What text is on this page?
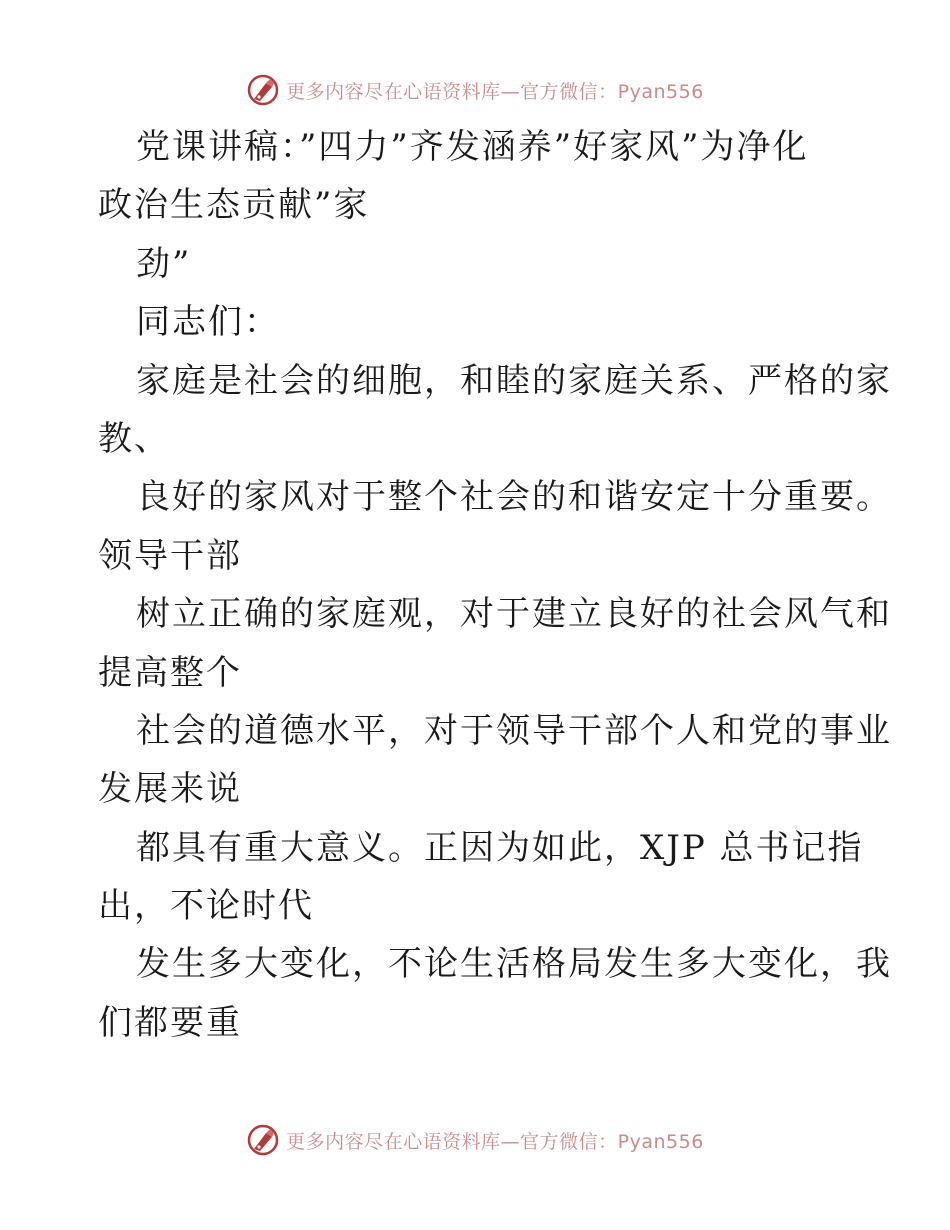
更多内容尽在心语资料库—官方微信：Pyan556
党课讲稿：”四力”齐发涵养”好家风”为净化
政治生态贡献”家
劲”
同志们：
家庭是社会的细胞，和睦的家庭关系、严格的家
教、
良好的家风对于整个社会的和谐安定十分重要。
领导干部
树立正确的家庭观，对于建立良好的社会风气和
提高整个
社会的道德水平，对于领导干部个人和党的事业
发展来说
都具有重大意义。正因为如此，XJP 总书记指
出，不论时代
发生多大变化，不论生活格局发生多大变化，我
们都要重
更多内容尽在心语资料库—官方微信：Pyan556
